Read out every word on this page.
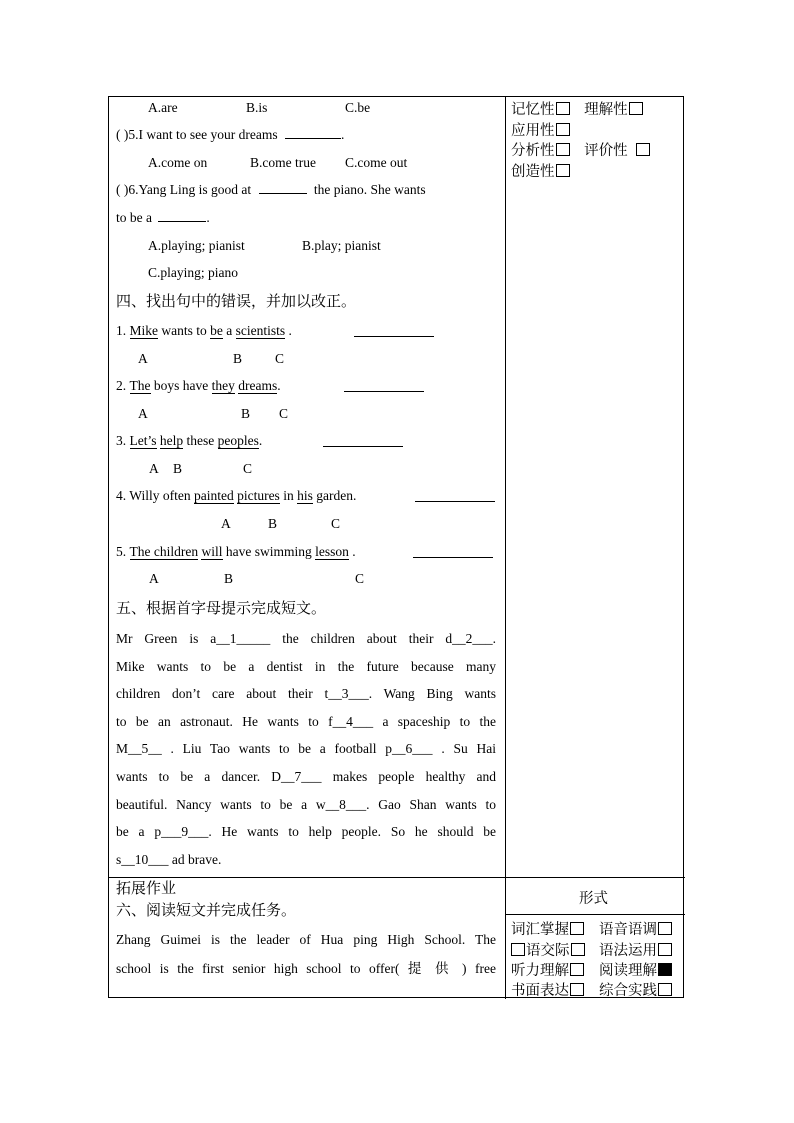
A.are	B.is	C.be
( )5.I want to see your dreams	.
A.come on	B.come true C.come out
( )6.Yang Ling is good at	the piano. She wants
to be a	.
A.playing; pianist	B.play; pianist
C.playing; piano
四、找出句中的错误，并加以改正。
1. Mike wants to be a scientists .
A	B C
2. The boys have they dreams.
A	B C
3. Let’s help these peoples.
A B	C
4. Willy often painted pictures in his garden.
A	B	C
5. The children will have swimming lesson .
A	B	C
五、根据首字母提示完成短文。
Mr Green is a__1_____ the children about their d__2___.
Mike wants to be a dentist in the future because many
children don’t care about their t__3___. Wang Bing wants
to be an astronaut. He wants to f__4___ a spaceship to the
M__5__ . Liu Tao wants to be a football p__6___ . Su Hai
wants to be a dancer. D__7___ makes people healthy and
beautiful. Nancy wants to be a w__8___. Gao Shan wants to
be a p___9___. He wants to help people. So he should be
s__10___ ad brave.
拓展作业
六、阅读短文并完成任务。
Zhang Guimei is the leader of Hua ping High School. The
school is the first senior high school to offer( 提 供 ) free
记忆性 理解性
应用性
分析性 评价性
创造性
形式
词汇掌握	语音语调
语交际	语法运用
听力理解	阅读理解
书面表达	综合实践
